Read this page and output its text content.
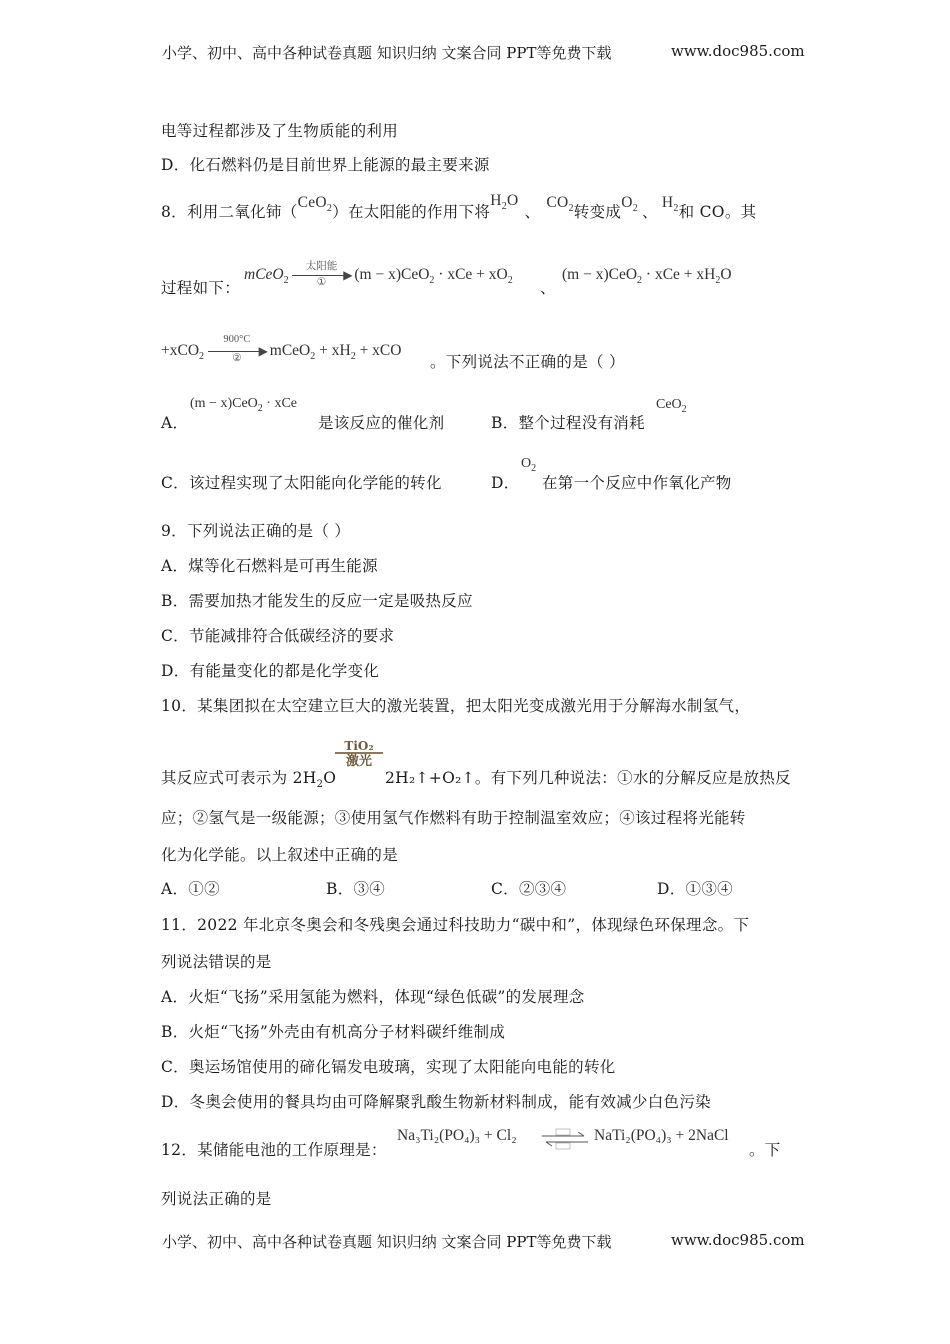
小学、初中、高中各种试卷真题 知识归纳 文案合同 PPT等免费下载	www.doc985.com
电等过程都涉及了生物质能的利用
D．化石燃料仍是目前世界上能源的最主要来源
8．利用二氧化铈（CeO$_2$）在太阳能的作用下将$H_2O$、$CO_2$转变成$O_2$ 、$H_2$和 CO。其
过程如下：
mCeO$_2$
太阳能
▶
①	(m − x)CeO$_2$ · xCe + $xO_2$ 、
(m − x)CeO$_2$ · xCe + $xH_2O$
+xCO$_2$
900°C
▶
②	mCeO$_2$ + $xH_2$ + xCO
。下列说法不正确的是（ ）
A．
(m − x)CeO$_2$ · xCe
是该反应的催化剂	B．整个过程没有消耗
CeO$_2$
C．该过程实现了太阳能向化学能的转化	D．
$O_2$
在第一个反应中作氧化产物
9．下列说法正确的是（ ）
A．煤等化石燃料是可再生能源
B．需要加热才能发生的反应一定是吸热反应
C．节能减排符合低碳经济的要求
D．有能量变化的都是化学变化
10．某集团拟在太空建立巨大的激光装置，把太阳光变成激光用于分解海水制氢气，
其反应式可表示为 $2H_2O$
TiO₂
激光
2H₂↑+O₂↑。有下列几种说法：①水的分解反应是放热反
应；②氢气是一级能源；③使用氢气作燃料有助于控制温室效应；④该过程将光能转
化为化学能。以上叙述中正确的是
A．①②	B．③④	C．②③④	D．①③④
11．2022 年北京冬奥会和冬残奥会通过科技助力“碳中和”，体现绿色环保理念。下
列说法错误的是
A．火炬“飞扬”采用氢能为燃料，体现“绿色低碳”的发展理念
B．火炬“飞扬”外壳由有机高分子材料碳纤维制成
C．奥运场馆使用的碲化镉发电玻璃，实现了太阳能向电能的转化
D．冬奥会使用的餐具均由可降解聚乳酸生物新材料制成，能有效减少白色污染
12．某储能电池的工作原理是：
Na₃Ti₂(PO₄)₃ + Cl₂ ⇌ NaTi₂(PO₄)₃ + 2NaCl
。下
列说法正确的是
小学、初中、高中各种试卷真题 知识归纳 文案合同 PPT等免费下载	www.doc985.com
